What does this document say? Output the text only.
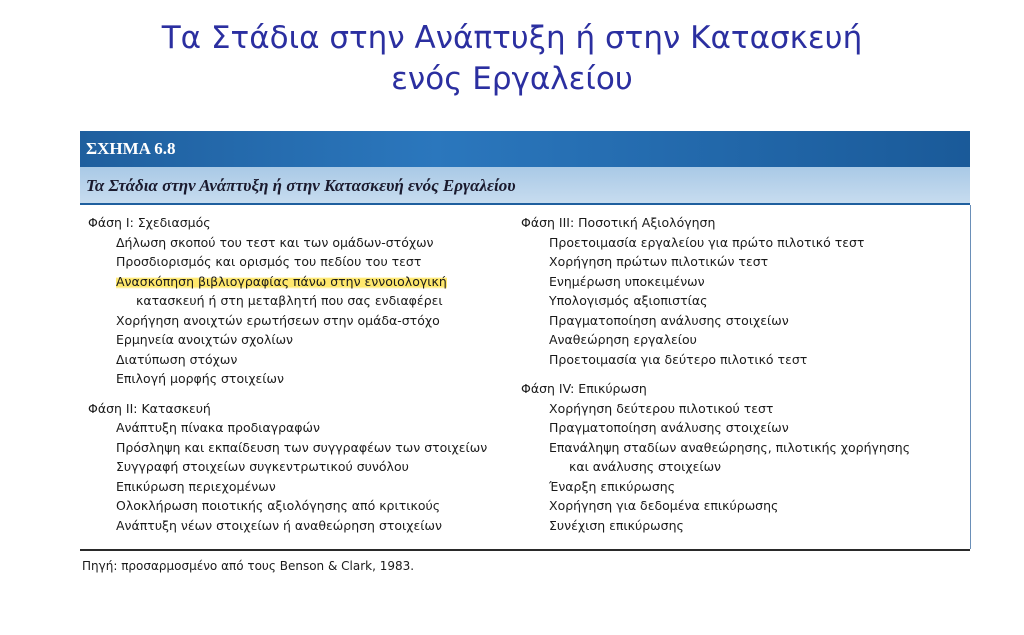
Τα Στάδια στην Ανάπτυξη ή στην Κατασκευή
ενός Εργαλείου
ΣΧΗΜΑ 6.8
Τα Στάδια στην Ανάπτυξη ή στην Κατασκευή ενός Εργαλείου
Φάση Ι: Σχεδιασμός
Δήλωση σκοπού του τεστ και των ομάδων-στόχων
Προσδιορισμός και ορισμός του πεδίου του τεστ
Ανασκόπηση βιβλιογραφίας πάνω στην εννοιολογική
κατασκευή ή στη μεταβλητή που σας ενδιαφέρει
Χορήγηση ανοιχτών ερωτήσεων στην ομάδα-στόχο
Ερμηνεία ανοιχτών σχολίων
Διατύπωση στόχων
Επιλογή μορφής στοιχείων
Φάση ΙΙ: Κατασκευή
Ανάπτυξη πίνακα προδιαγραφών
Πρόσληψη και εκπαίδευση των συγγραφέων των στοιχείων
Συγγραφή στοιχείων συγκεντρωτικού συνόλου
Επικύρωση περιεχομένων
Ολοκλήρωση ποιοτικής αξιολόγησης από κριτικούς
Ανάπτυξη νέων στοιχείων ή αναθεώρηση στοιχείων
Φάση ΙΙΙ: Ποσοτική Αξιολόγηση
Προετοιμασία εργαλείου για πρώτο πιλοτικό τεστ
Χορήγηση πρώτων πιλοτικών τεστ
Ενημέρωση υποκειμένων
Υπολογισμός αξιοπιστίας
Πραγματοποίηση ανάλυσης στοιχείων
Αναθεώρηση εργαλείου
Προετοιμασία για δεύτερο πιλοτικό τεστ
Φάση IV: Επικύρωση
Χορήγηση δεύτερου πιλοτικού τεστ
Πραγματοποίηση ανάλυσης στοιχείων
Επανάληψη σταδίων αναθεώρησης, πιλοτικής χορήγησης
και ανάλυσης στοιχείων
Έναρξη επικύρωσης
Χορήγηση για δεδομένα επικύρωσης
Συνέχιση επικύρωσης
Πηγή: προσαρμοσμένο από τους Benson & Clark, 1983.
